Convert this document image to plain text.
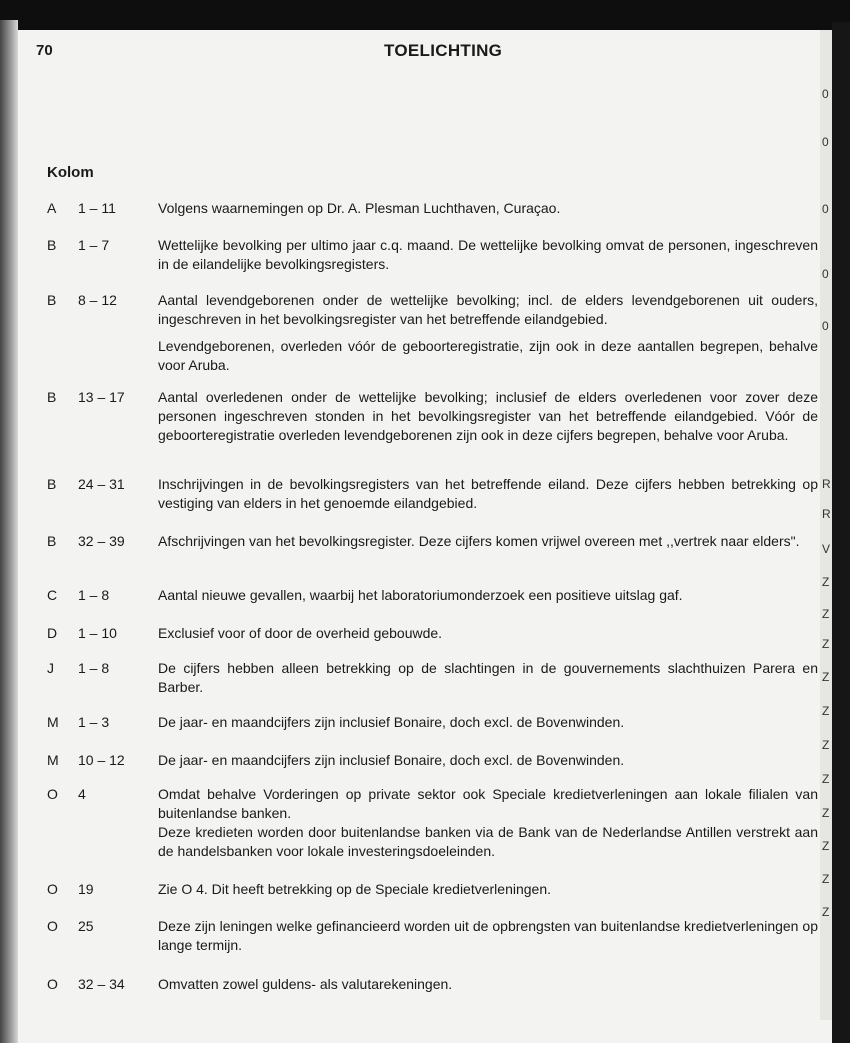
0
0
0
0
0
R
R
V
Z
Z
Z
Z
Z
Z
Z
Z
Z
Z
Z
70	TOELICHTING
Kolom
A 1 – 11	Volgens waarnemingen op Dr. A. Plesman Luchthaven, Curaçao.

B 1 – 7	Wettelijke bevolking per ultimo jaar c.q. maand. De wettelijke bevolking omvat de personen, ingeschreven in de eilandelijke bevolkingsregisters.

B 8 – 12	Aantal levendgeborenen onder de wettelijke bevolking; incl. de elders levendgeborenen uit ouders, ingeschreven in het bevolkingsregister van het betreffende eilandgebied.

Levendgeborenen, overleden vóór de geboorteregistratie, zijn ook in deze aantallen begrepen, behalve voor Aruba.

B 13 – 17	Aantal overledenen onder de wettelijke bevolking; inclusief de elders overledenen voor zover deze personen ingeschreven stonden in het bevolkingsregister van het betreffende eilandgebied. Vóór de geboorteregistratie overleden levendgeborenen zijn ook in deze cijfers begrepen, behalve voor Aruba.

B 24 – 31	Inschrijvingen in de bevolkingsregisters van het betreffende eiland. Deze cijfers hebben betrekking op vestiging van elders in het genoemde eilandgebied.

B 32 – 39	Afschrijvingen van het bevolkingsregister. Deze cijfers komen vrijwel overeen met ,,vertrek naar elders".

C 1 – 8	Aantal nieuwe gevallen, waarbij het laboratoriumonderzoek een positieve uitslag gaf.

D 1 – 10	Exclusief voor of door de overheid gebouwde.

J 1 – 8	De cijfers hebben alleen betrekking op de slachtingen in de gouvernements slachthuizen Parera en Barber.

M 1 – 3	De jaar- en maandcijfers zijn inclusief Bonaire, doch excl. de Bovenwinden.

M 10 – 12	De jaar- en maandcijfers zijn inclusief Bonaire, doch excl. de Bovenwinden.

O 4	Omdat behalve Vorderingen op private sektor ook Speciale kredietverleningen aan lokale filialen van buitenlandse banken.
Deze kredieten worden door buitenlandse banken via de Bank van de Nederlandse Antillen verstrekt aan de handelsbanken voor lokale investeringsdoeleinden.

O 19	Zie O 4. Dit heeft betrekking op de Speciale kredietverleningen.

O 25	Deze zijn leningen welke gefinancieerd worden uit de opbrengsten van buitenlandse kredietverleningen op lange termijn.

O 32 – 34	Omvatten zowel guldens- als valutarekeningen.
